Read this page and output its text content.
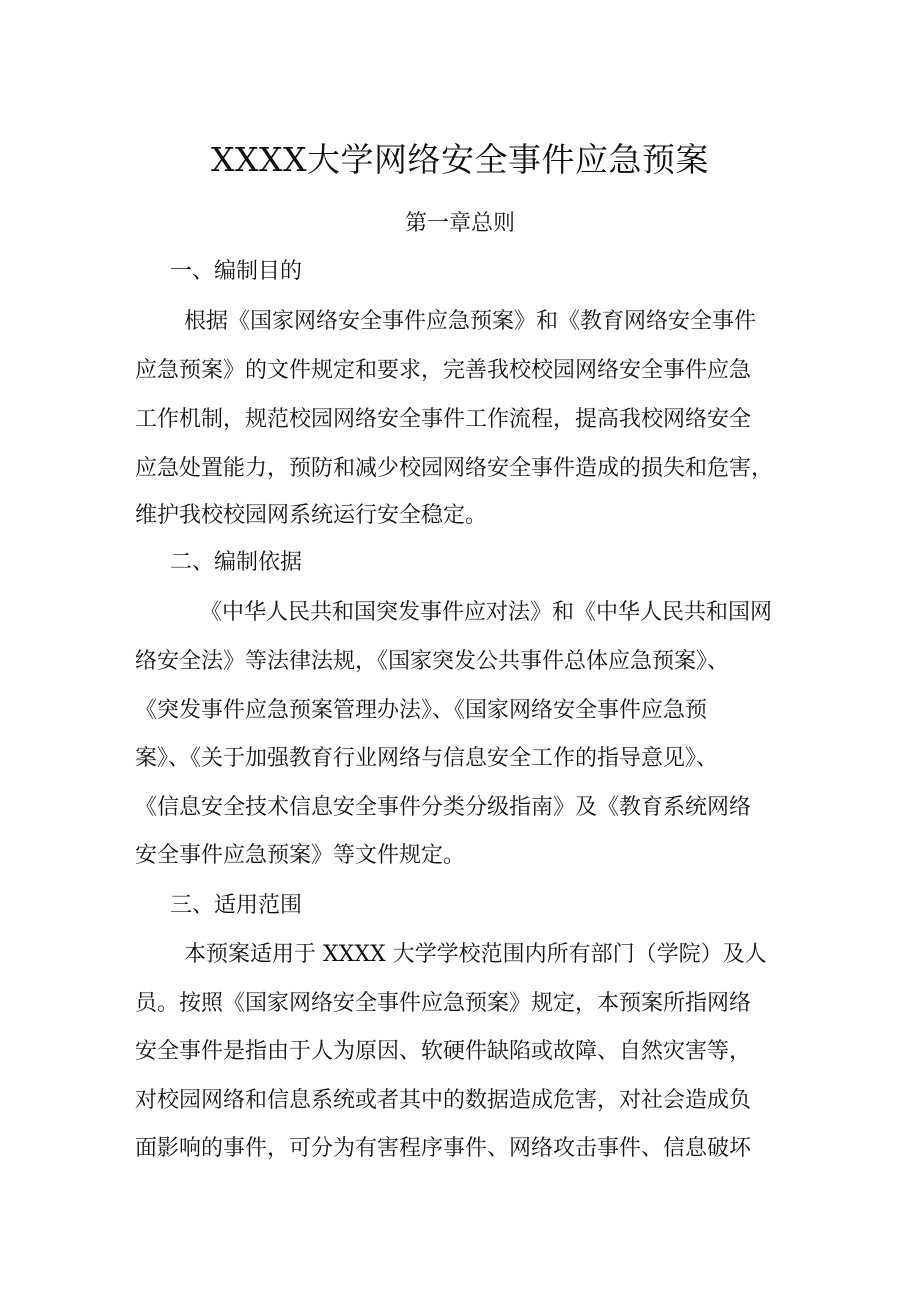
XXXX大学网络安全事件应急预案
第一章总则
一、编制目的
根据《国家网络安全事件应急预案》和《教育网络安全事件
应急预案》的文件规定和要求，完善我校校园网络安全事件应急
工作机制，规范校园网络安全事件工作流程，提高我校网络安全
应急处置能力，预防和减少校园网络安全事件造成的损失和危害，
维护我校校园网系统运行安全稳定。
二、编制依据
《中华人民共和国突发事件应对法》和《中华人民共和国网
络安全法》等法律法规，《国家突发公共事件总体应急预案》、
《突发事件应急预案管理办法》、《国家网络安全事件应急预
案》、《关于加强教育行业网络与信息安全工作的指导意见》、
《信息安全技术信息安全事件分类分级指南》及《教育系统网络
安全事件应急预案》等文件规定。
三、适用范围
本预案适用于 XXXX 大学学校范围内所有部门（学院）及人
员。按照《国家网络安全事件应急预案》规定，本预案所指网络
安全事件是指由于人为原因、软硬件缺陷或故障、自然灾害等，
对校园网络和信息系统或者其中的数据造成危害，对社会造成负
面影响的事件，可分为有害程序事件、网络攻击事件、信息破坏
